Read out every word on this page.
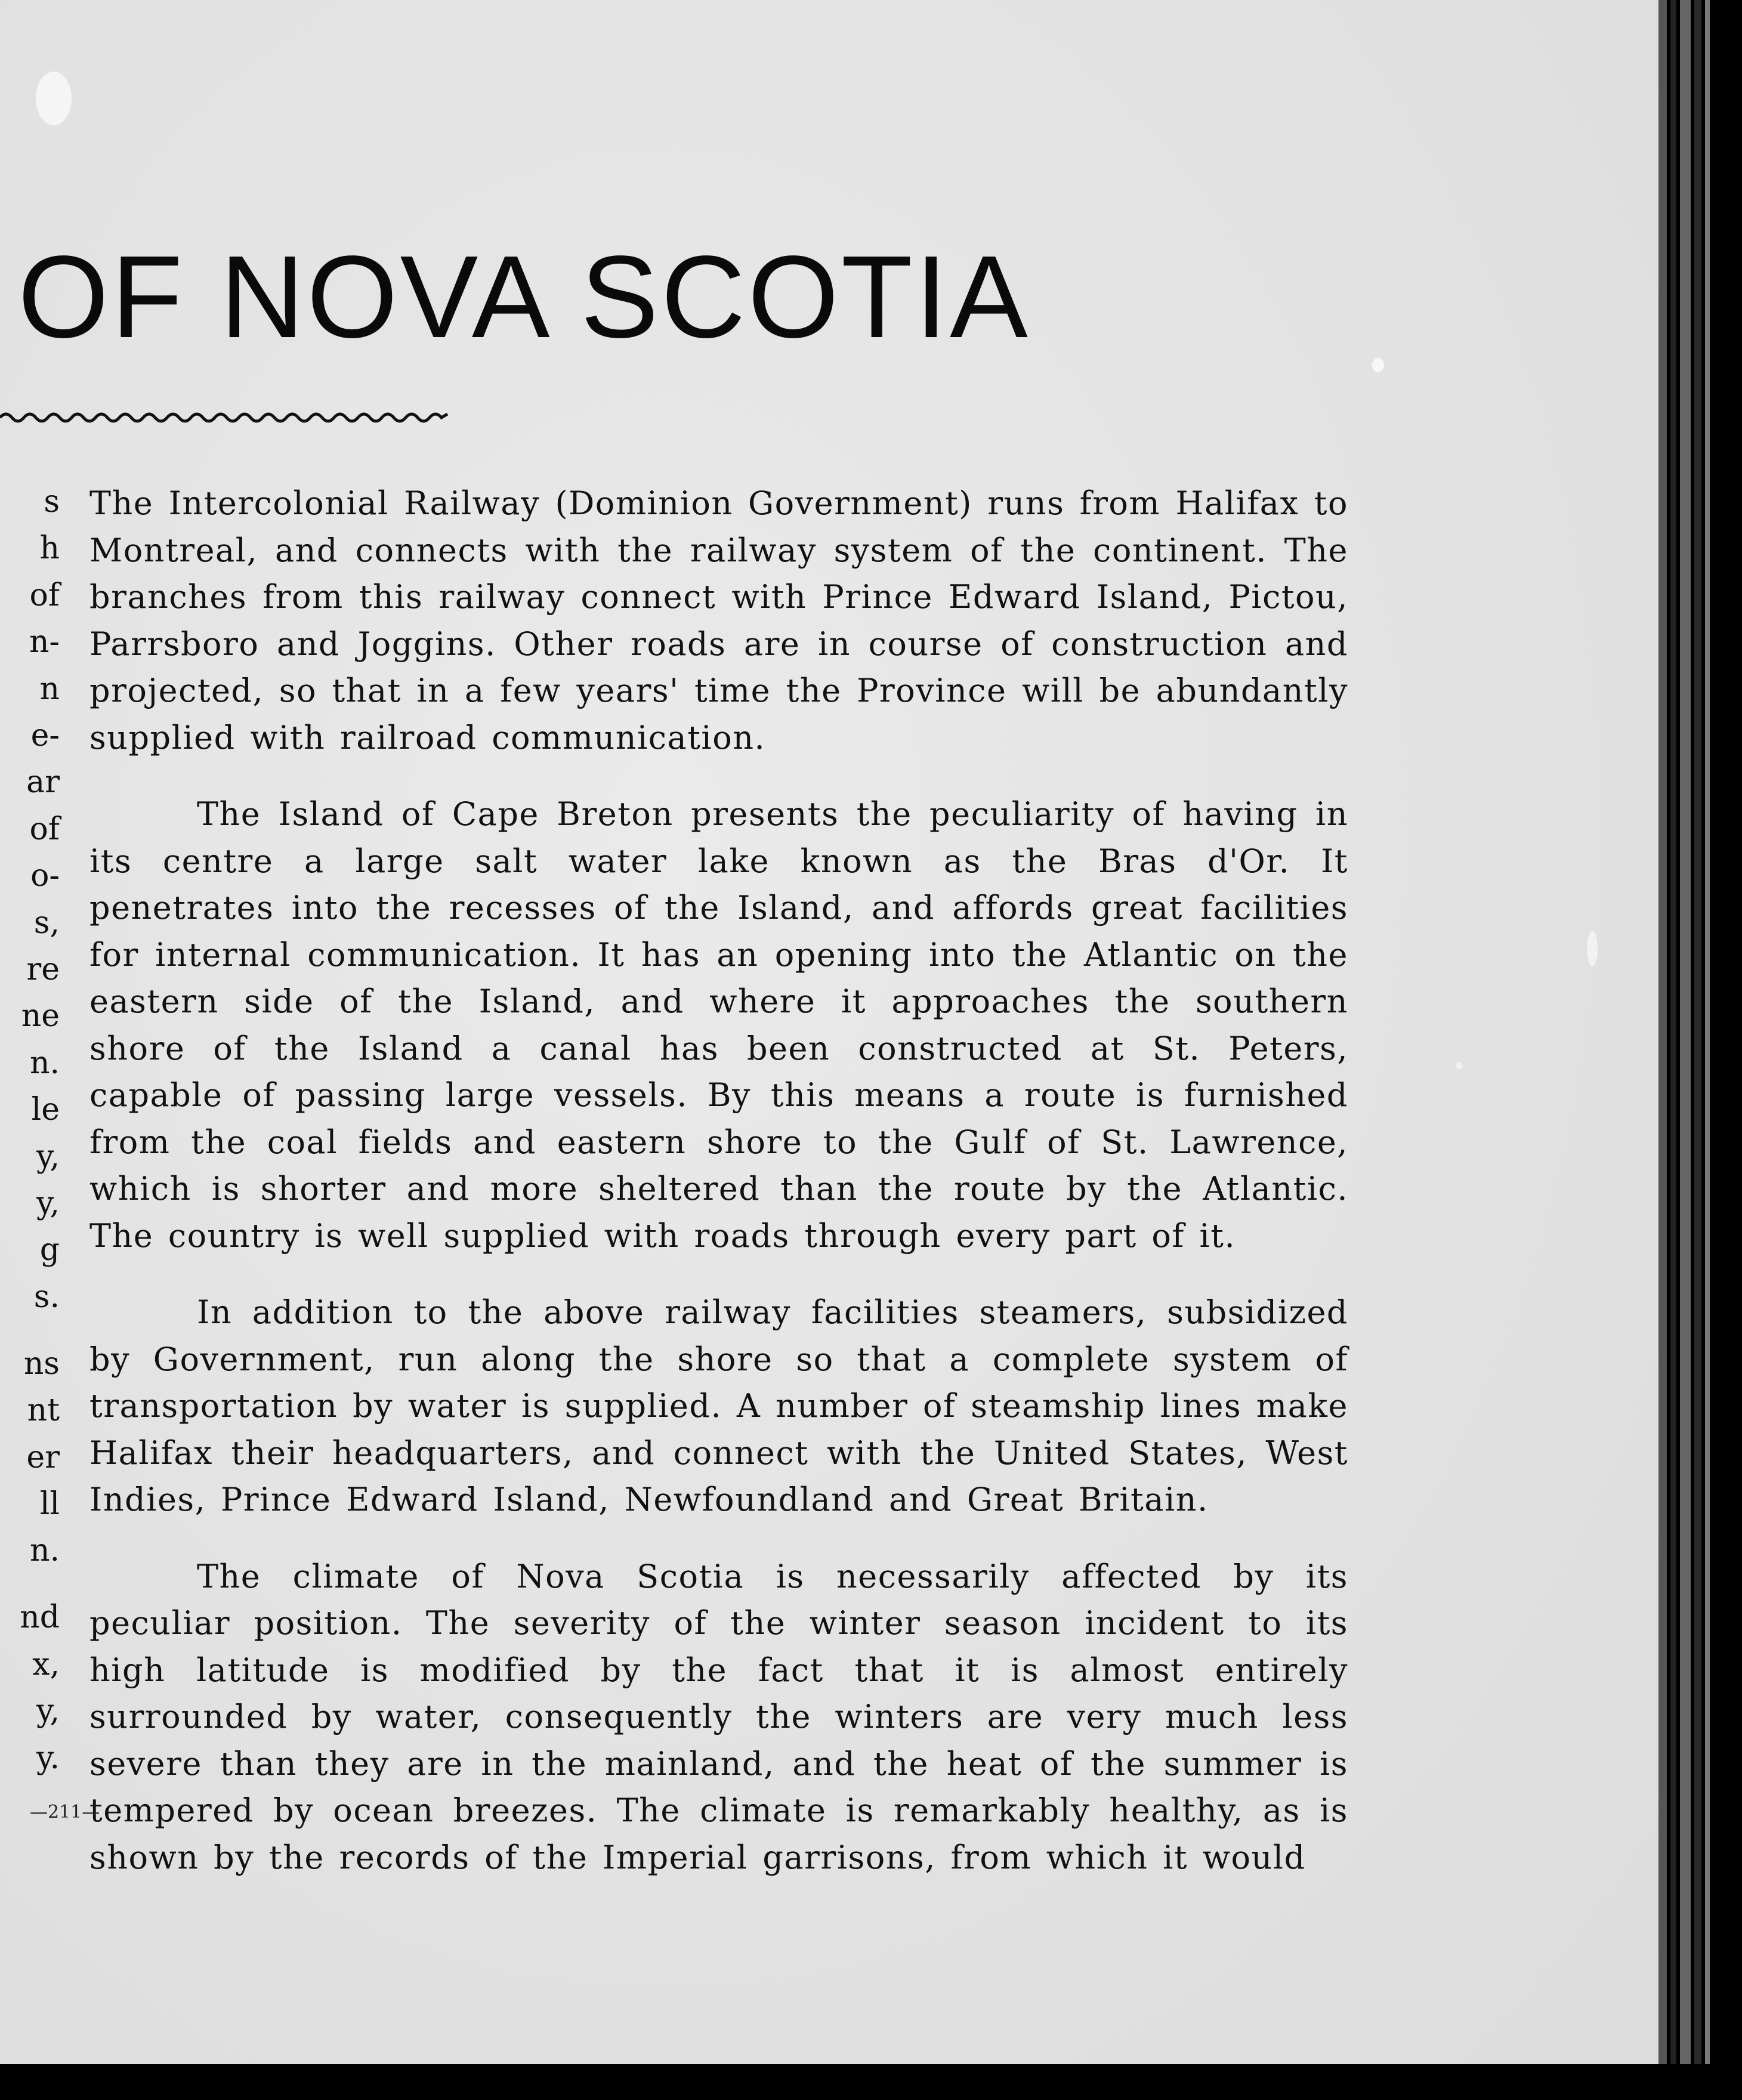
OF NOVA SCOTIA
s
h
of
n-
n
e-
ar
of
o-
s,
re
ne
n.
le
y,
y,
g
s.
ns
nt
er
ll
n.
nd
x,
y,
y.

The Intercolonial Railway (Dominion Government) runs from Halifax to Montreal, and connects with the railway system of the continent. The branches from this railway connect with Prince Edward Island, Pictou, Parrsboro and Joggins. Other roads are in course of construction and projected, so that in a few years' time the Province will be abundantly supplied with railroad communication.

The Island of Cape Breton presents the peculiarity of having in its centre a large salt water lake known as the Bras d'Or. It penetrates into the recesses of the Island, and affords great facilities for internal communication. It has an opening into the Atlantic on the eastern side of the Island, and where it approaches the southern shore of the Island a canal has been constructed at St. Peters, capable of passing large vessels. By this means a route is furnished from the coal fields and eastern shore to the Gulf of St. Lawrence, which is shorter and more sheltered than the route by the Atlantic. The country is well supplied with roads through every part of it.

In addition to the above railway facilities steamers, subsidized by Government, run along the shore so that a complete system of transportation by water is supplied. A number of steamship lines make Halifax their headquarters, and connect with the United States, West Indies, Prince Edward Island, Newfoundland and Great Britain.

The climate of Nova Scotia is necessarily affected by its peculiar position. The severity of the winter season incident to its high latitude is modified by the fact that it is almost entirely surrounded by water, consequently the winters are very much less severe than they are in the mainland, and the heat of the summer is tempered by ocean breezes. The climate is remarkably healthy, as is shown by the records of the Imperial garrisons, from which it would

—211—
